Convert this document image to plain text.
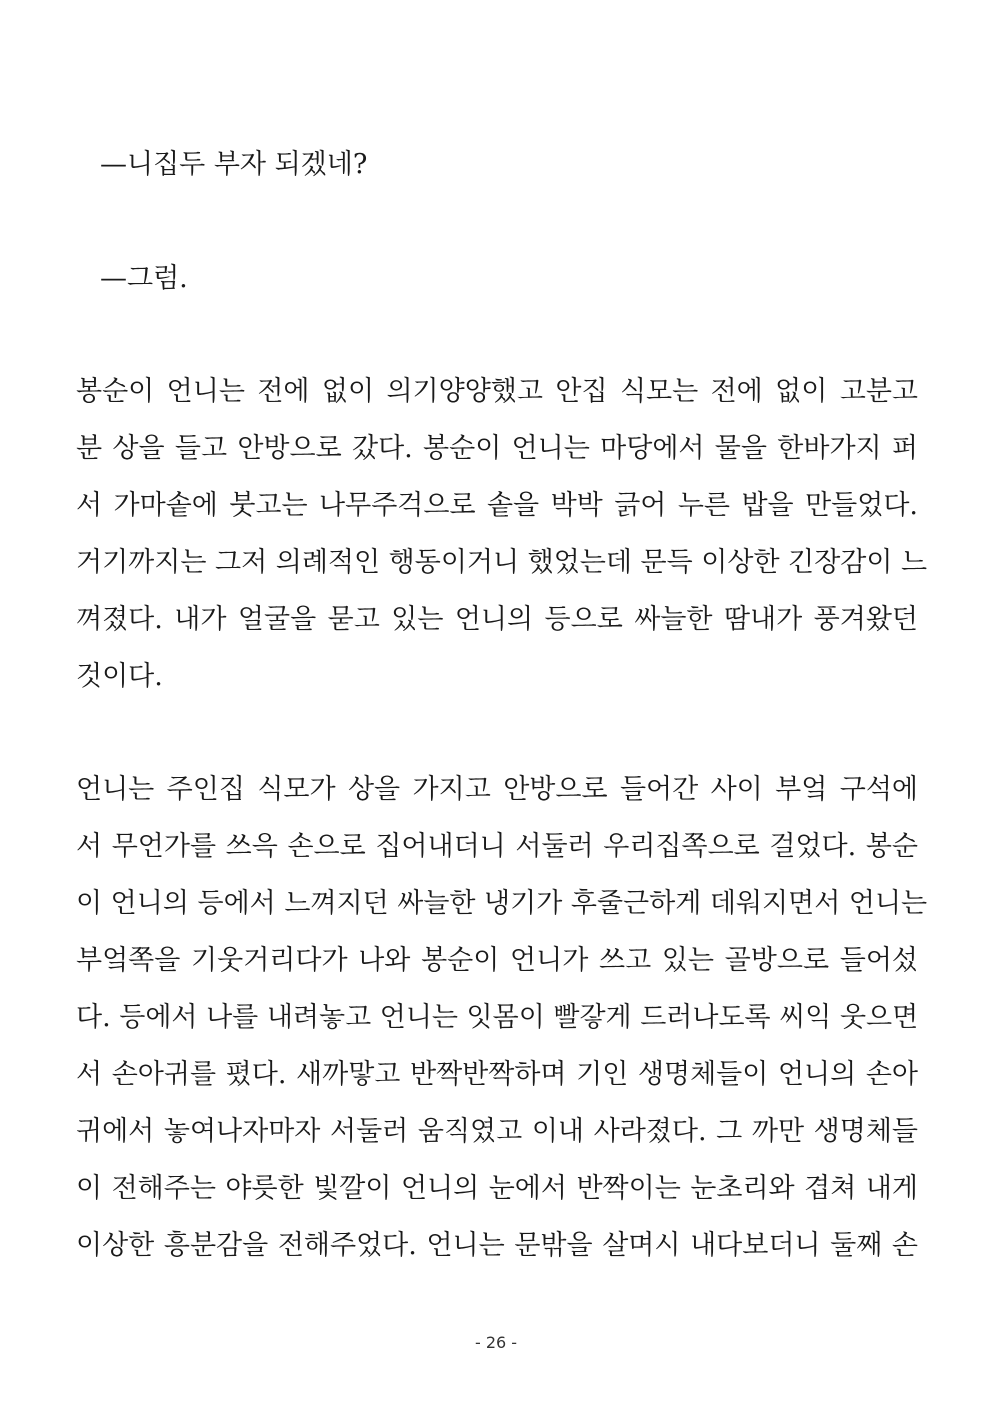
—니집두 부자 되겠네?
—그럼.
봉순이 언니는 전에 없이 의기양양했고 안집 식모는 전에 없이 고분고
분 상을 들고 안방으로 갔다. 봉순이 언니는 마당에서 물을 한바가지 퍼
서 가마솥에 붓고는 나무주걱으로 솥을 박박 긁어 누른 밥을 만들었다.
거기까지는 그저 의례적인 행동이거니 했었는데 문득 이상한 긴장감이 느
껴졌다. 내가 얼굴을 묻고 있는 언니의 등으로 싸늘한 땀내가 풍겨왔던
것이다.
언니는 주인집 식모가 상을 가지고 안방으로 들어간 사이 부엌 구석에
서 무언가를 쓰윽 손으로 집어내더니 서둘러 우리집쪽으로 걸었다. 봉순
이 언니의 등에서 느껴지던 싸늘한 냉기가 후줄근하게 데워지면서 언니는
부엌쪽을 기웃거리다가 나와 봉순이 언니가 쓰고 있는 골방으로 들어섰
다. 등에서 나를 내려놓고 언니는 잇몸이 빨갛게 드러나도록 씨익 웃으면
서 손아귀를 폈다. 새까맣고 반짝반짝하며 기인 생명체들이 언니의 손아
귀에서 놓여나자마자 서둘러 움직였고 이내 사라졌다. 그 까만 생명체들
이 전해주는 야릇한 빛깔이 언니의 눈에서 반짝이는 눈초리와 겹쳐 내게
이상한 흥분감을 전해주었다. 언니는 문밖을 살며시 내다보더니 둘째 손
- 26 -
